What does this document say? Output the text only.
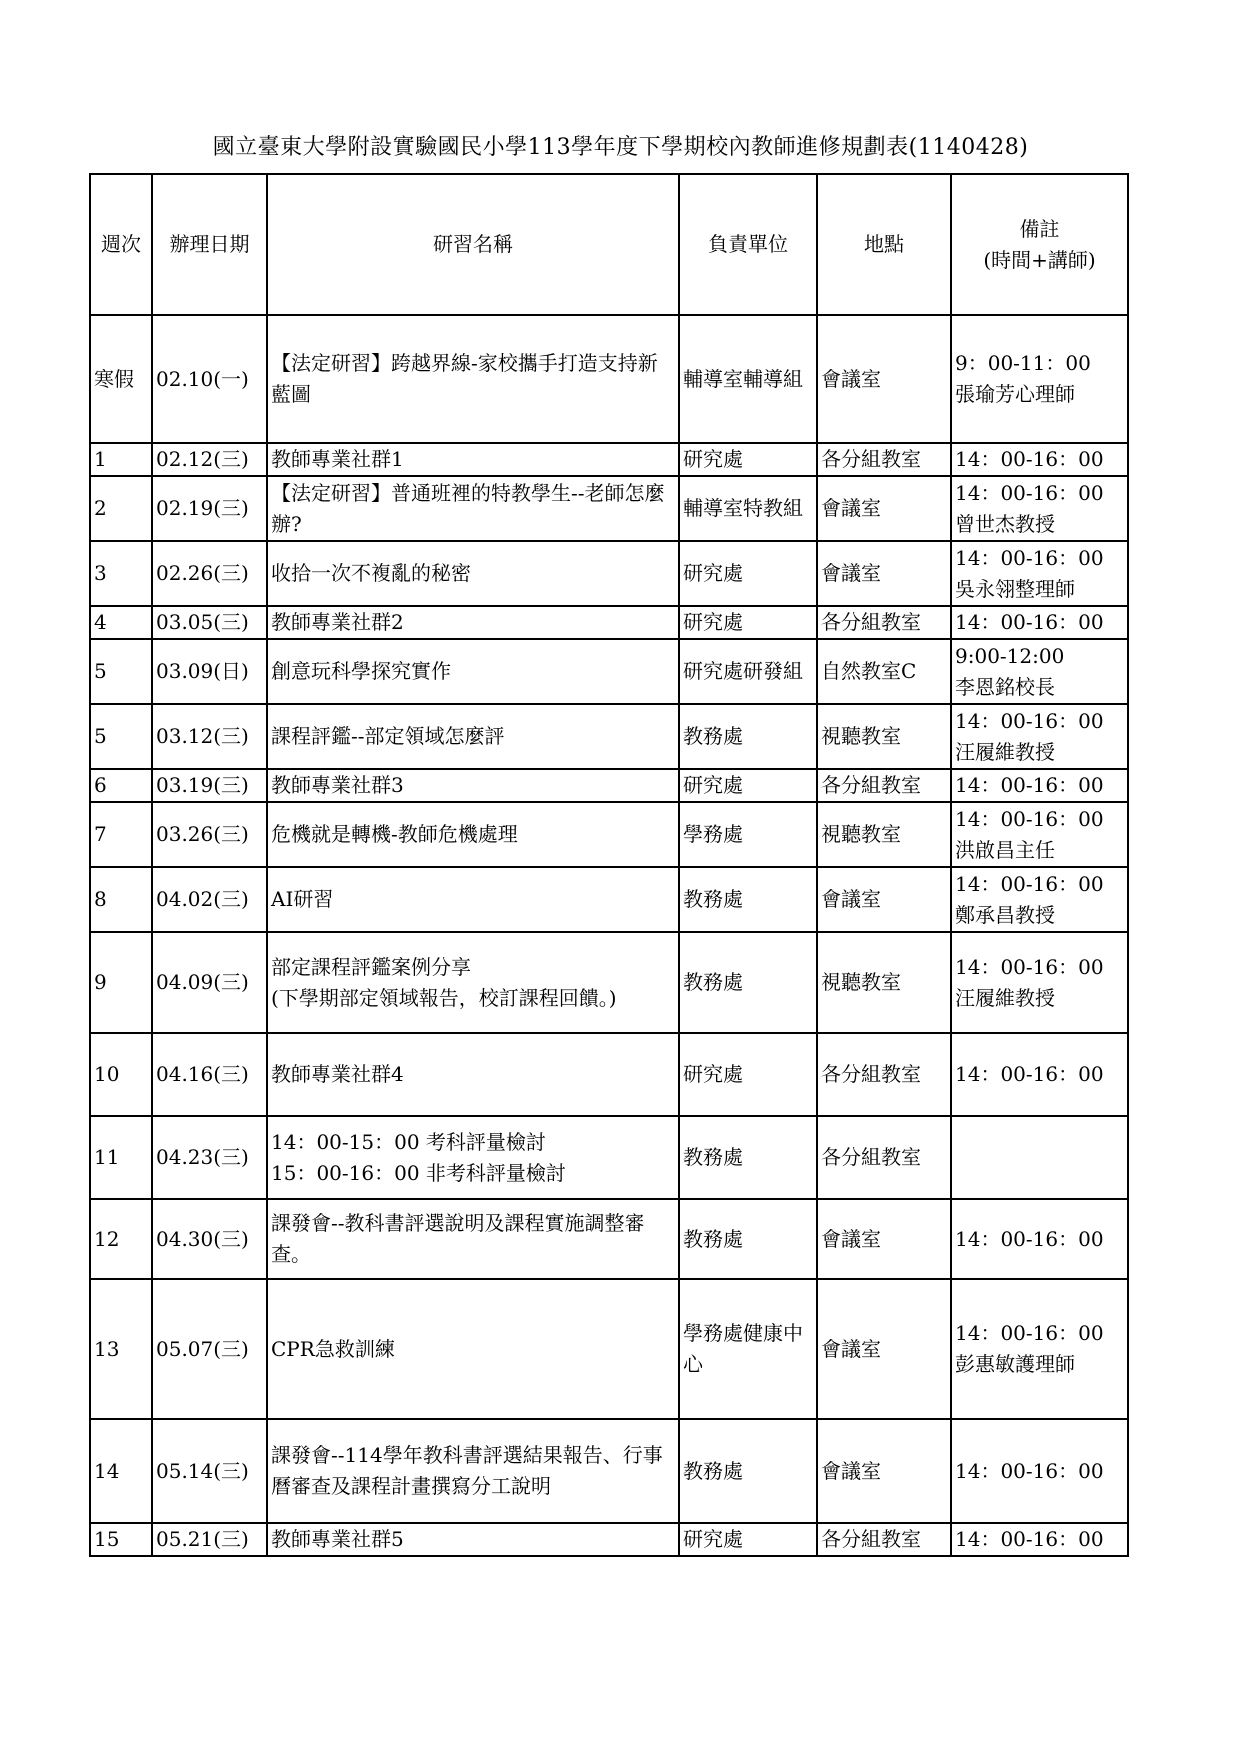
國立臺東大學附設實驗國民小學113學年度下學期校內教師進修規劃表(1140428)
週次	辦理日期	研習名稱	負責單位	地點	備註
(時間+講師)
寒假	02.10(一)	【法定研習】跨越界線-家校攜手打造支持新藍圖	輔導室輔導組	會議室	9：00-11：00
張瑜芳心理師
1	02.12(三)	教師專業社群1	研究處	各分組教室	14：00-16：00
2	02.19(三)	【法定研習】普通班裡的特教學生--老師怎麼辦?	輔導室特教組	會議室	14：00-16：00
曾世杰教授
3	02.26(三)	收拾一次不複亂的秘密	研究處	會議室	14：00-16：00
吳永翎整理師
4	03.05(三)	教師專業社群2	研究處	各分組教室	14：00-16：00
5	03.09(日)	創意玩科學探究實作	研究處研發組	自然教室C	9:00-12:00
李恩銘校長
5	03.12(三)	課程評鑑--部定領域怎麼評	教務處	視聽教室	14：00-16：00
汪履維教授
6	03.19(三)	教師專業社群3	研究處	各分組教室	14：00-16：00
7	03.26(三)	危機就是轉機-教師危機處理	學務處	視聽教室	14：00-16：00
洪啟昌主任
8	04.02(三)	AI研習	教務處	會議室	14：00-16：00
鄭承昌教授
9	04.09(三)	部定課程評鑑案例分享
(下學期部定領域報告，校訂課程回饋。)	教務處	視聽教室	14：00-16：00
汪履維教授
10	04.16(三)	教師專業社群4	研究處	各分組教室	14：00-16：00
11	04.23(三)	14：00-15：00 考科評量檢討
15：00-16：00 非考科評量檢討	教務處	各分組教室	
12	04.30(三)	課發會--教科書評選說明及課程實施調整審查。	教務處	會議室	14：00-16：00
13	05.07(三)	CPR急救訓練	學務處健康中心	會議室	14：00-16：00
彭惠敏護理師
14	05.14(三)	課發會--114學年教科書評選結果報告、行事曆審查及課程計畫撰寫分工說明	教務處	會議室	14：00-16：00
15	05.21(三)	教師專業社群5	研究處	各分組教室	14：00-16：00
